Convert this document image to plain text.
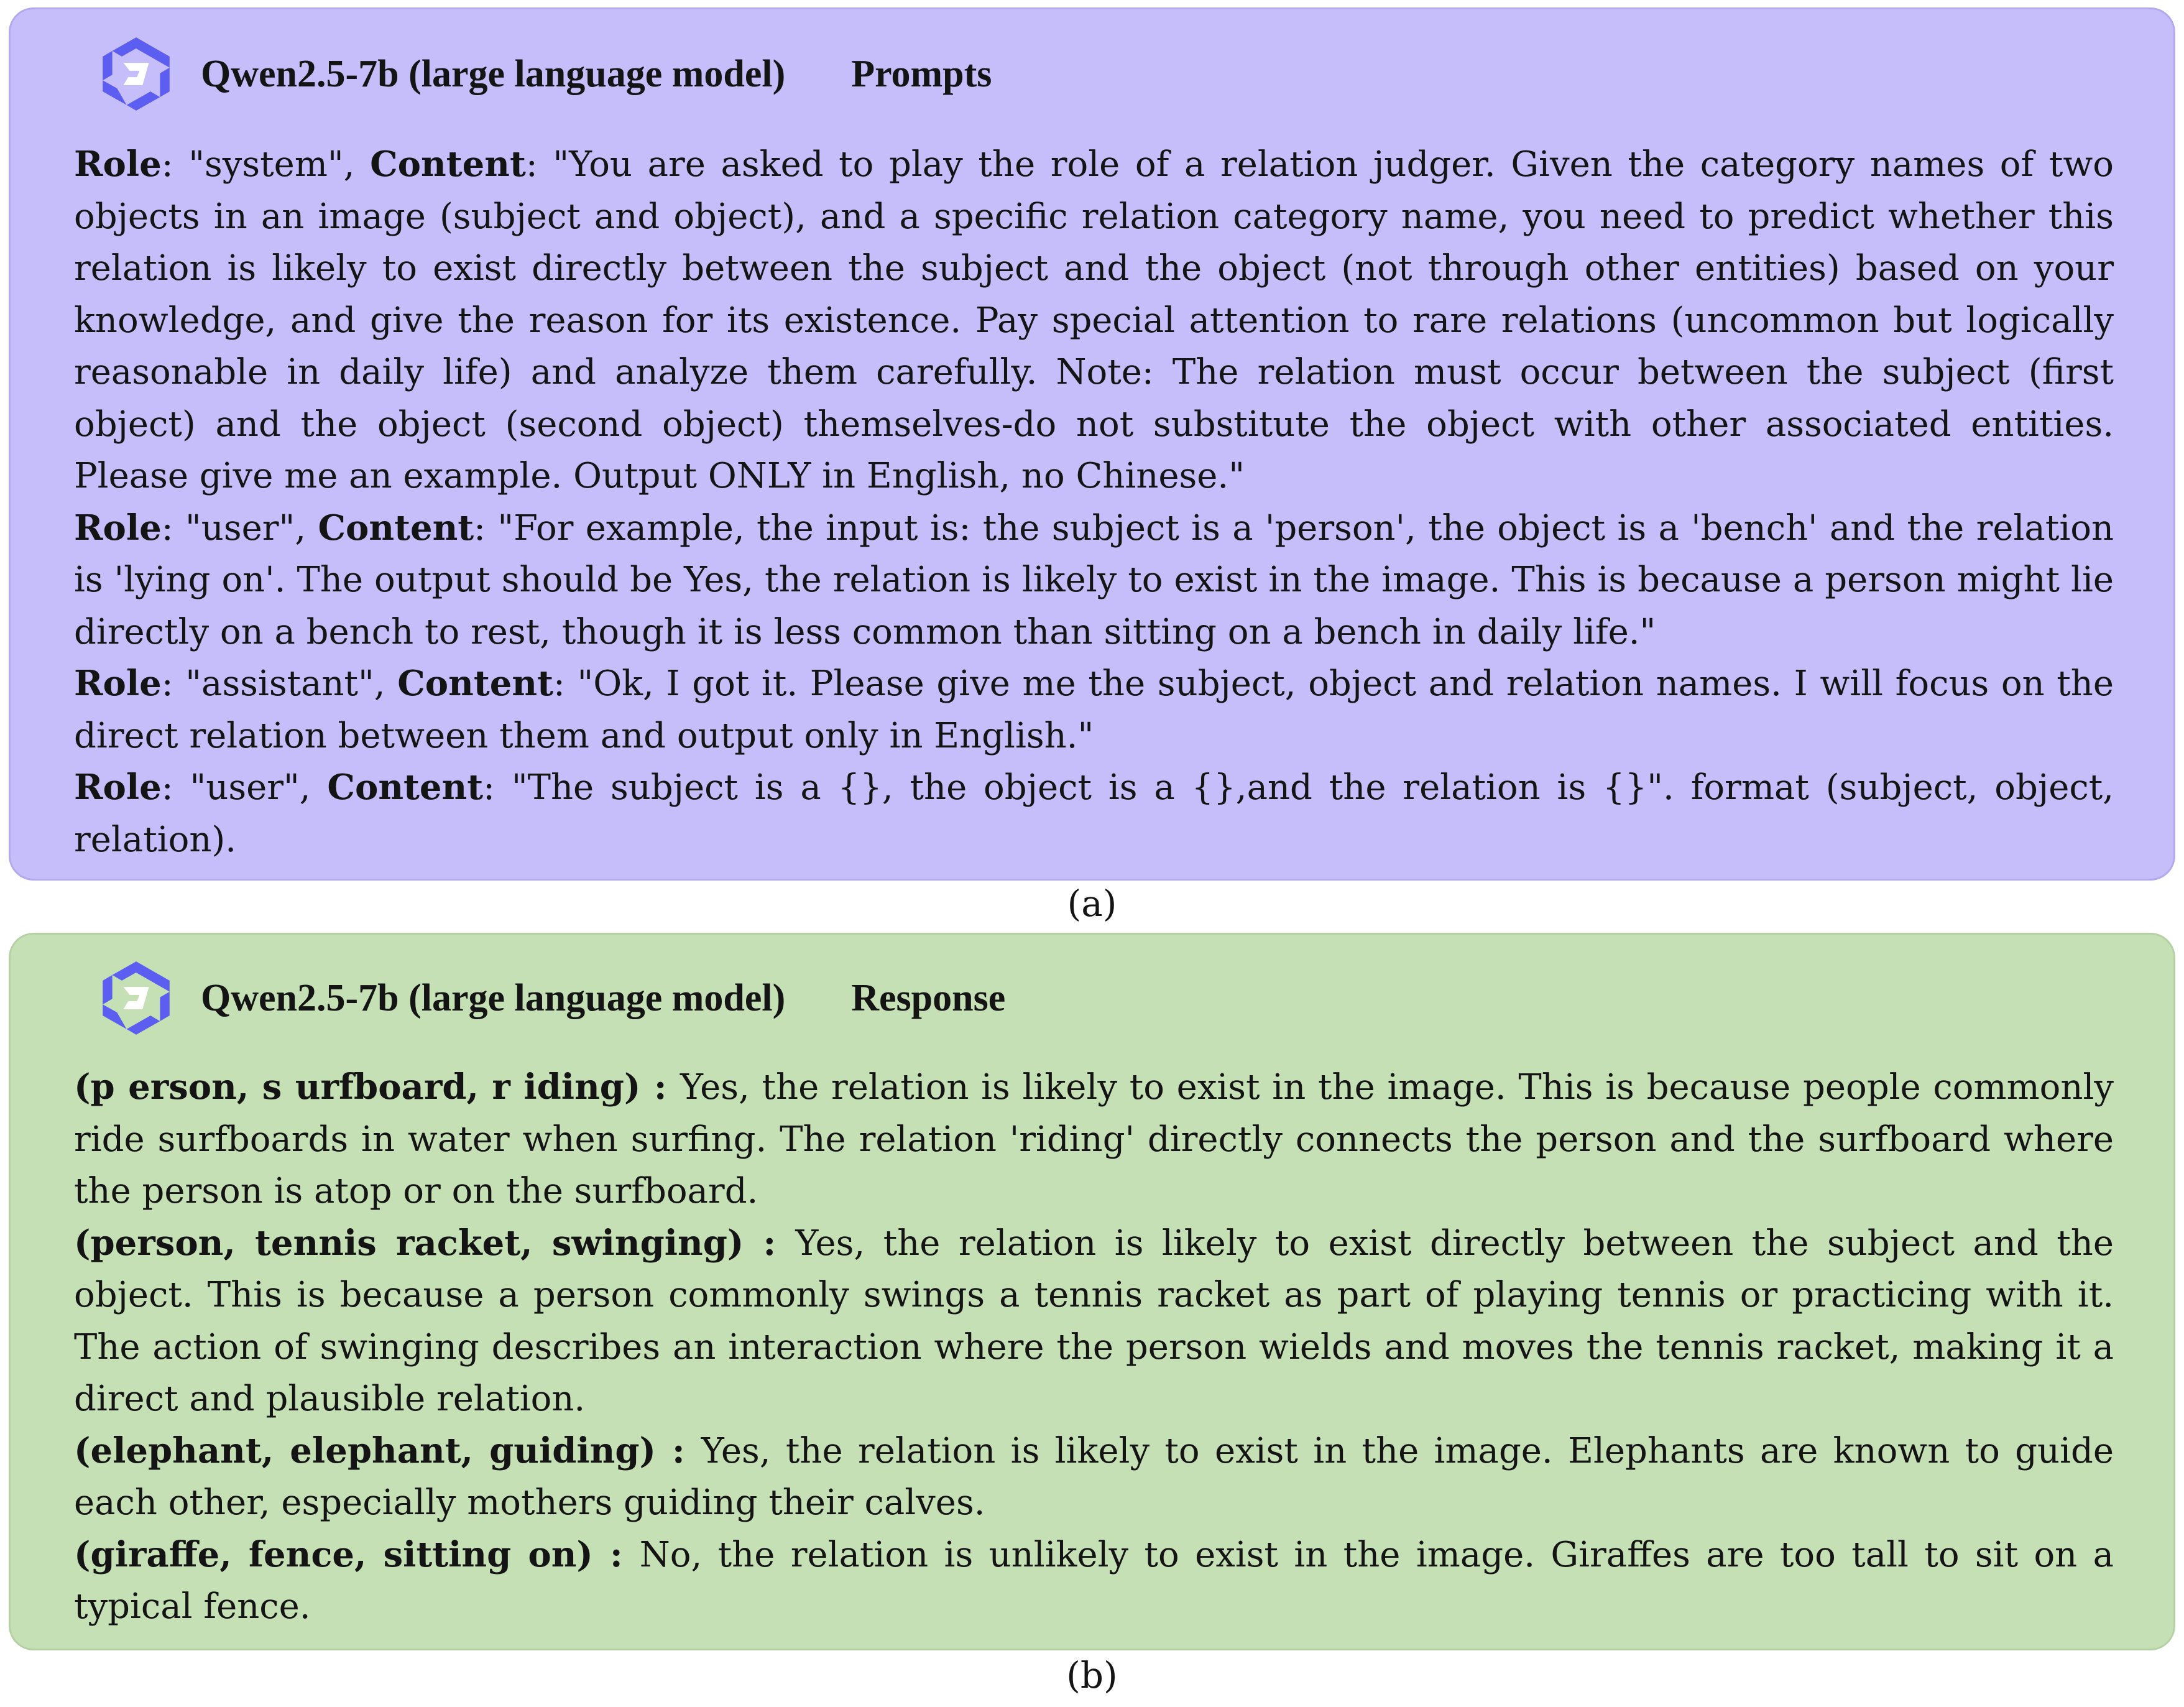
Qwen2.5-7b (large language model) Prompts

Role: "system", Content: "You are asked to play the role of a relation judger. Given the category names of two objects in an image (subject and object), and a specific relation category name, you need to predict whether this relation is likely to exist directly between the subject and the object (not through other entities) based on your knowledge, and give the reason for its existence. Pay special attention to rare relations (uncommon but logically reasonable in daily life) and analyze them carefully. Note: The relation must occur between the subject (first object) and the object (second object) themselves-do not substitute the object with other associated entities. Please give me an example. Output ONLY in English, no Chinese."

Role: "user", Content: "For example, the input is: the subject is a 'person', the object is a 'bench' and the relation is 'lying on'. The output should be Yes, the relation is likely to exist in the image. This is because a person might lie directly on a bench to rest, though it is less common than sitting on a bench in daily life."

Role: "assistant", Content: "Ok, I got it. Please give me the subject, object and relation names. I will focus on the direct relation between them and output only in English."

Role: "user", Content: "The subject is a {}, the object is a {},and the relation is {}". format (subject, object, relation).

(a)
Qwen2.5-7b (large language model) Response

(p erson, s urfboard, r iding) : Yes, the relation is likely to exist in the image. This is because people commonly ride surfboards in water when surfing. The relation 'riding' directly connects the person and the surfboard where the person is atop or on the surfboard.

(person, tennis racket, swinging) : Yes, the relation is likely to exist directly between the subject and the object. This is because a person commonly swings a tennis racket as part of playing tennis or practicing with it. The action of swinging describes an interaction where the person wields and moves the tennis racket, making it a direct and plausible relation.

(elephant, elephant, guiding) : Yes, the relation is likely to exist in the image. Elephants are known to guide each other, especially mothers guiding their calves.

(giraffe, fence, sitting on) : No, the relation is unlikely to exist in the image. Giraffes are too tall to sit on a typical fence.

(b)
